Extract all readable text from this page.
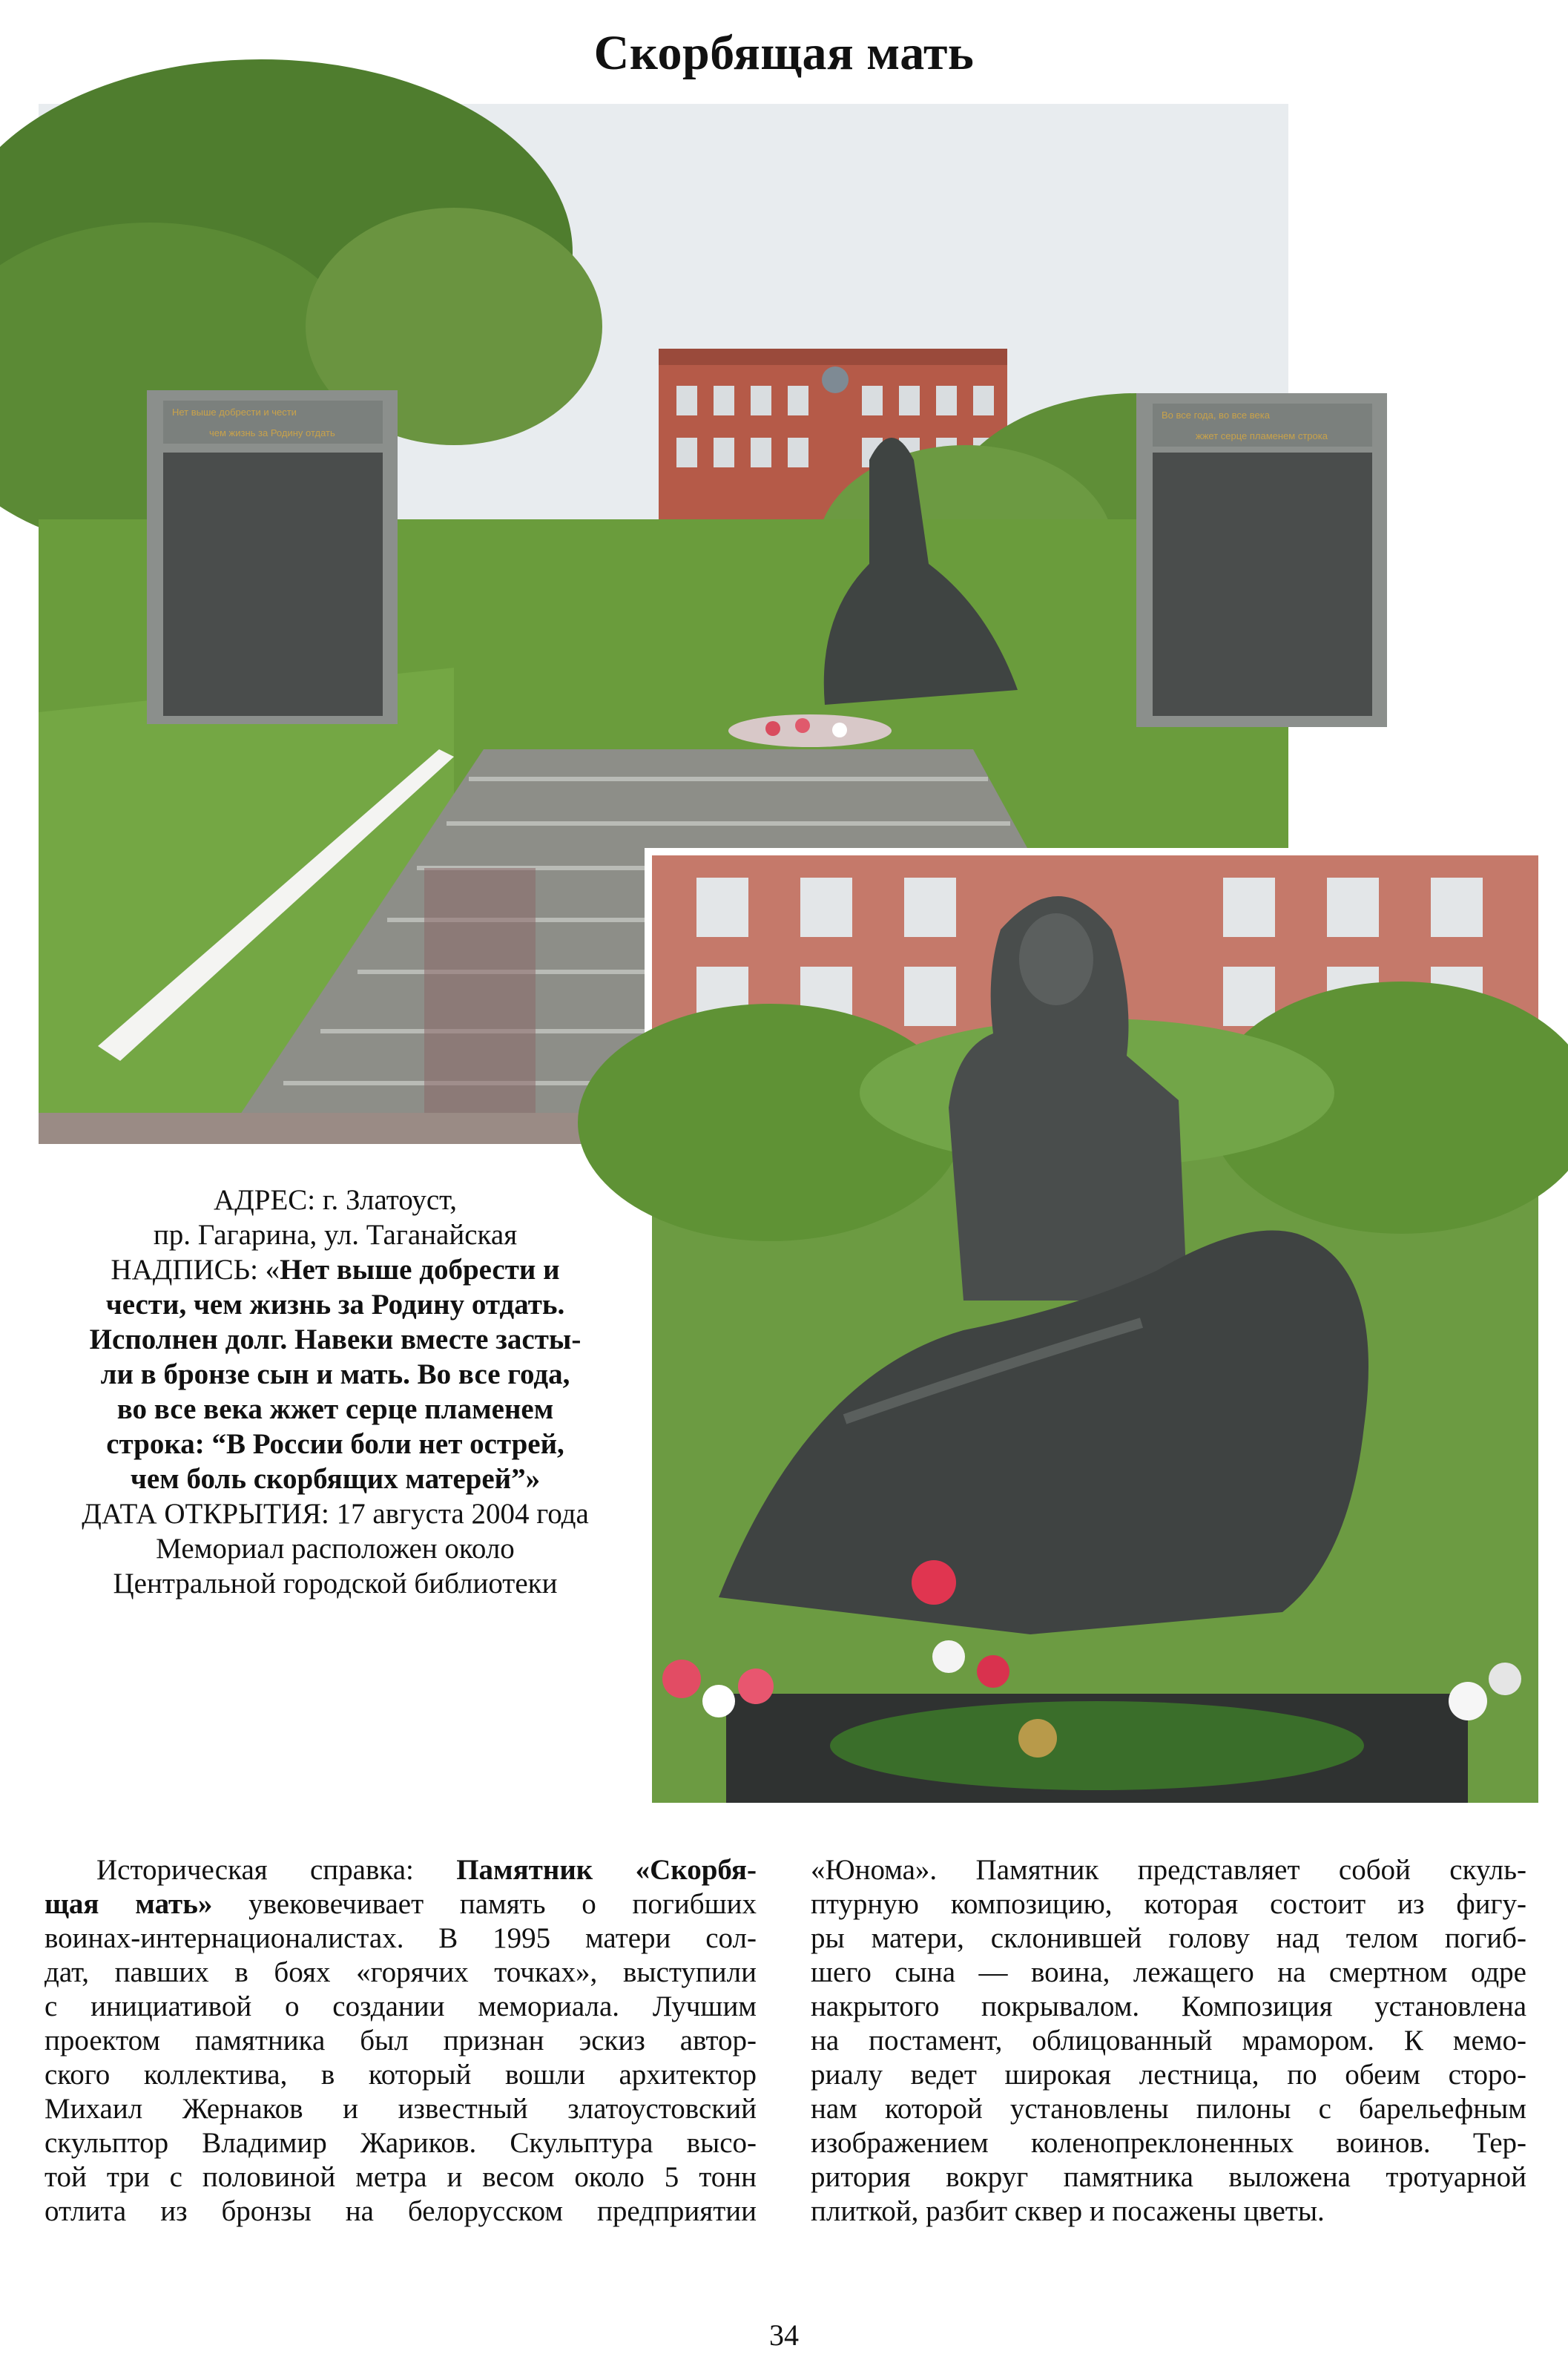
Скорбящая мать
Нет выше добрести и чести
чем жизнь за Родину отдать
Во все года, во все века
жжет серце пламенем строка
АДРЕС: г. Златоуст,
пр. Гагарина, ул. Таганайская
НАДПИСЬ: «Нет выше добрести и
чести, чем жизнь за Родину отдать.
Исполнен долг. Навеки вместе засты-
ли в бронзе сын и мать. Во все года,
во все века жжет серце пламенем
строка: “В России боли нет острей,
чем боль скорбящих матерей”»
ДАТА ОТКРЫТИЯ: 17 августа 2004 года
Мемориал расположен около
Центральной городской библиотеки
Историческая справка: Памятник «Скорбя-
щая мать» увековечивает память о погибших
воинах-интернационалистах. В 1995 матери сол-
дат, павших в боях «горячих точках», выступили
с инициативой о создании мемориала. Лучшим
проектом памятника был признан эскиз автор-
ского коллектива, в который вошли архитектор
Михаил Жернаков и известный златоустовский
скульптор Владимир Жариков. Скульптура высо-
той три с половиной метра и весом около 5 тонн
отлита из бронзы на белорусском предприятии
«Юнома». Памятник представляет собой скуль-
птурную композицию, которая состоит из фигу-
ры матери, склонившей голову над телом погиб-
шего сына — воина, лежащего на смертном одре
накрытого покрывалом. Композиция установлена
на постамент, облицованный мрамором. К мемо-
риалу ведет широкая лестница, по обеим сторо-
нам которой установлены пилоны с барельефным
изображением коленопреклоненных воинов. Тер-
ритория вокруг памятника выложена тротуарной
плиткой, разбит сквер и посажены цветы.
34
